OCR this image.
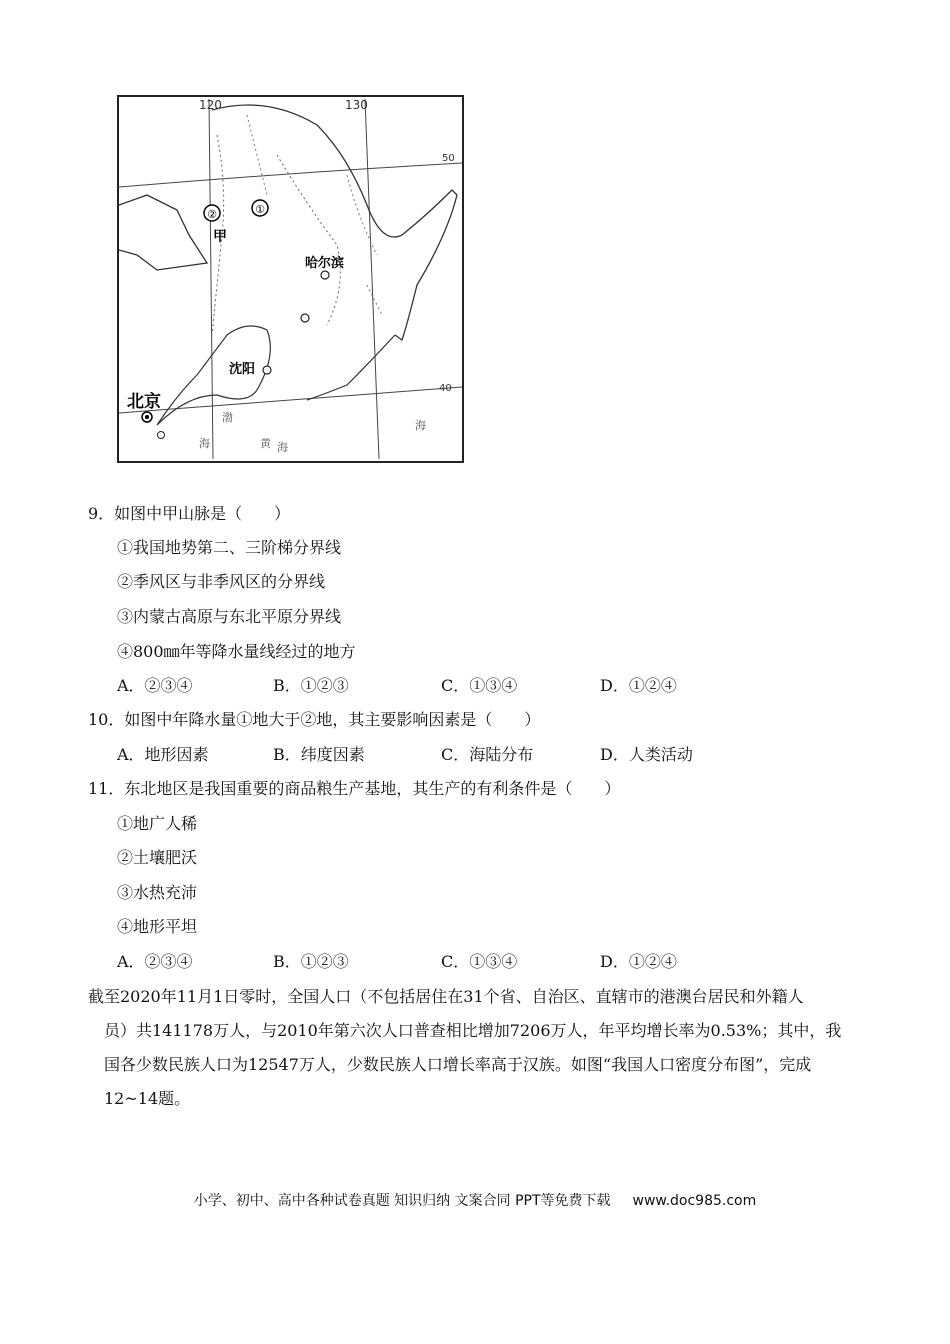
120	130
50
40
①
②
甲
哈尔滨
沈阳
北京
渤
海	黄 海
海
9．如图中甲山脉是（　　）
①我国地势第二、三阶梯分界线
②季风区与非季风区的分界线
③内蒙古高原与东北平原分界线
④800㎜年等降水量线经过的地方
A．②③④	B．①②③	C．①③④	D．①②④
10．如图中年降水量①地大于②地，其主要影响因素是（　　）
A．地形因素	B．纬度因素	C．海陆分布	D．人类活动
11．东北地区是我国重要的商品粮生产基地，其生产的有利条件是（　　）
①地广人稀
②土壤肥沃
③水热充沛
④地形平坦
A．②③④	B．①②③	C．①③④	D．①②④

截至2020年11月1日零时，全国人口（不包括居住在31个省、自治区、直辖市的港澳台居民和外籍人

　员）共141178万人，与2010年第六次人口普查相比增加7206万人，年平均增长率为0.53%；其中，我

　国各少数民族人口为12547万人，少数民族人口增长率高于汉族。如图“我国人口密度分布图”，完成

　12~14题。

小学、初中、高中各种试卷真题 知识归纳 文案合同 PPT等免费下载 www.doc985.com
